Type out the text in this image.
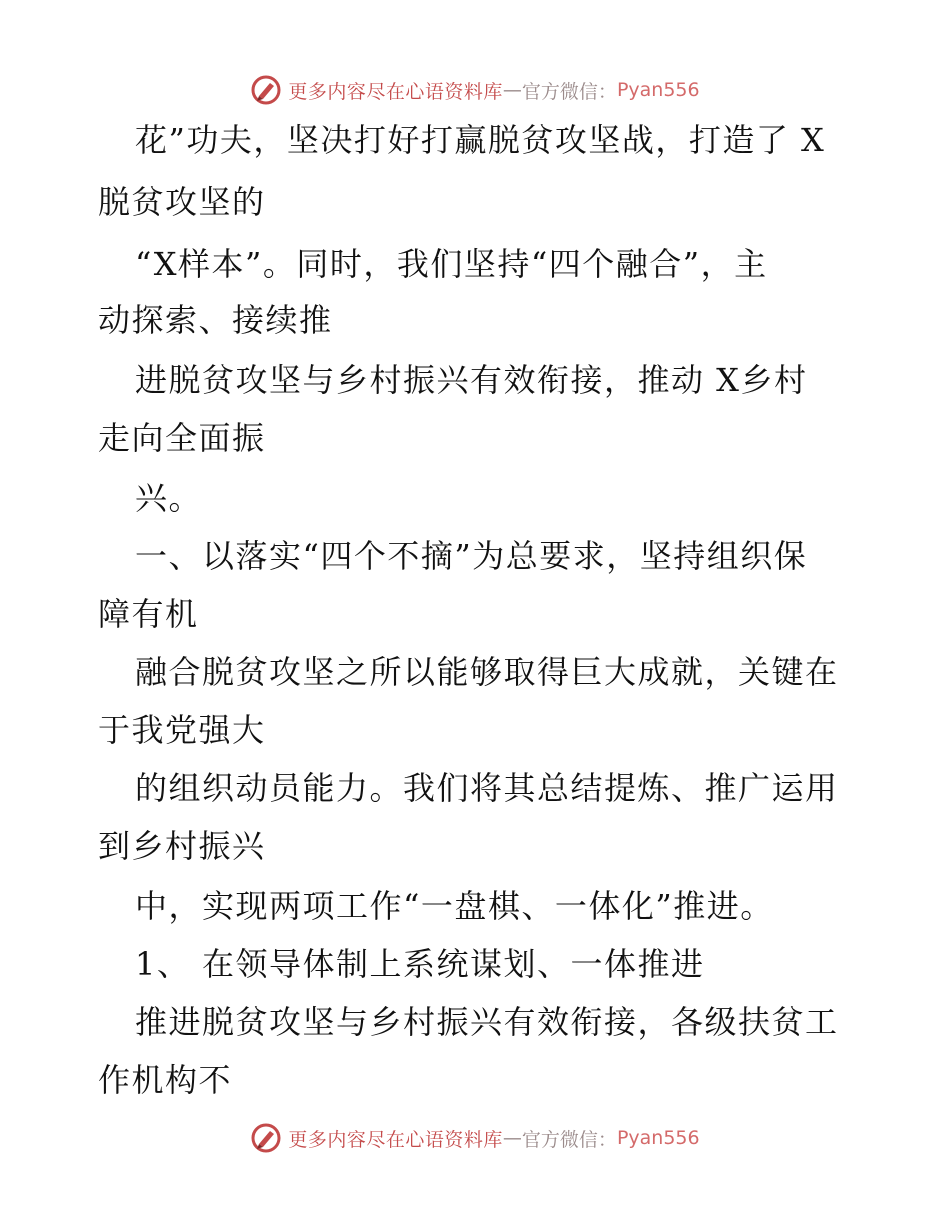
更多内容尽在心语资料库 — 官方微信： Pyan556
花”功夫，坚决打好打赢脱贫攻坚战，打造了 X
脱贫攻坚的
“X样本”。同时，我们坚持“四个融合”，主
动探索、接续推
进脱贫攻坚与乡村振兴有效衔接，推动 X乡村
走向全面振
兴。
一、以落实“四个不摘”为总要求，坚持组织保
障有机
融合脱贫攻坚之所以能够取得巨大成就，关键在
于我党强大
的组织动员能力。我们将其总结提炼、推广运用
到乡村振兴
中，实现两项工作“一盘棋、一体化”推进。
1、 在领导体制上系统谋划、一体推进
推进脱贫攻坚与乡村振兴有效衔接，各级扶贫工
作机构不
更多内容尽在心语资料库 — 官方微信： Pyan556
